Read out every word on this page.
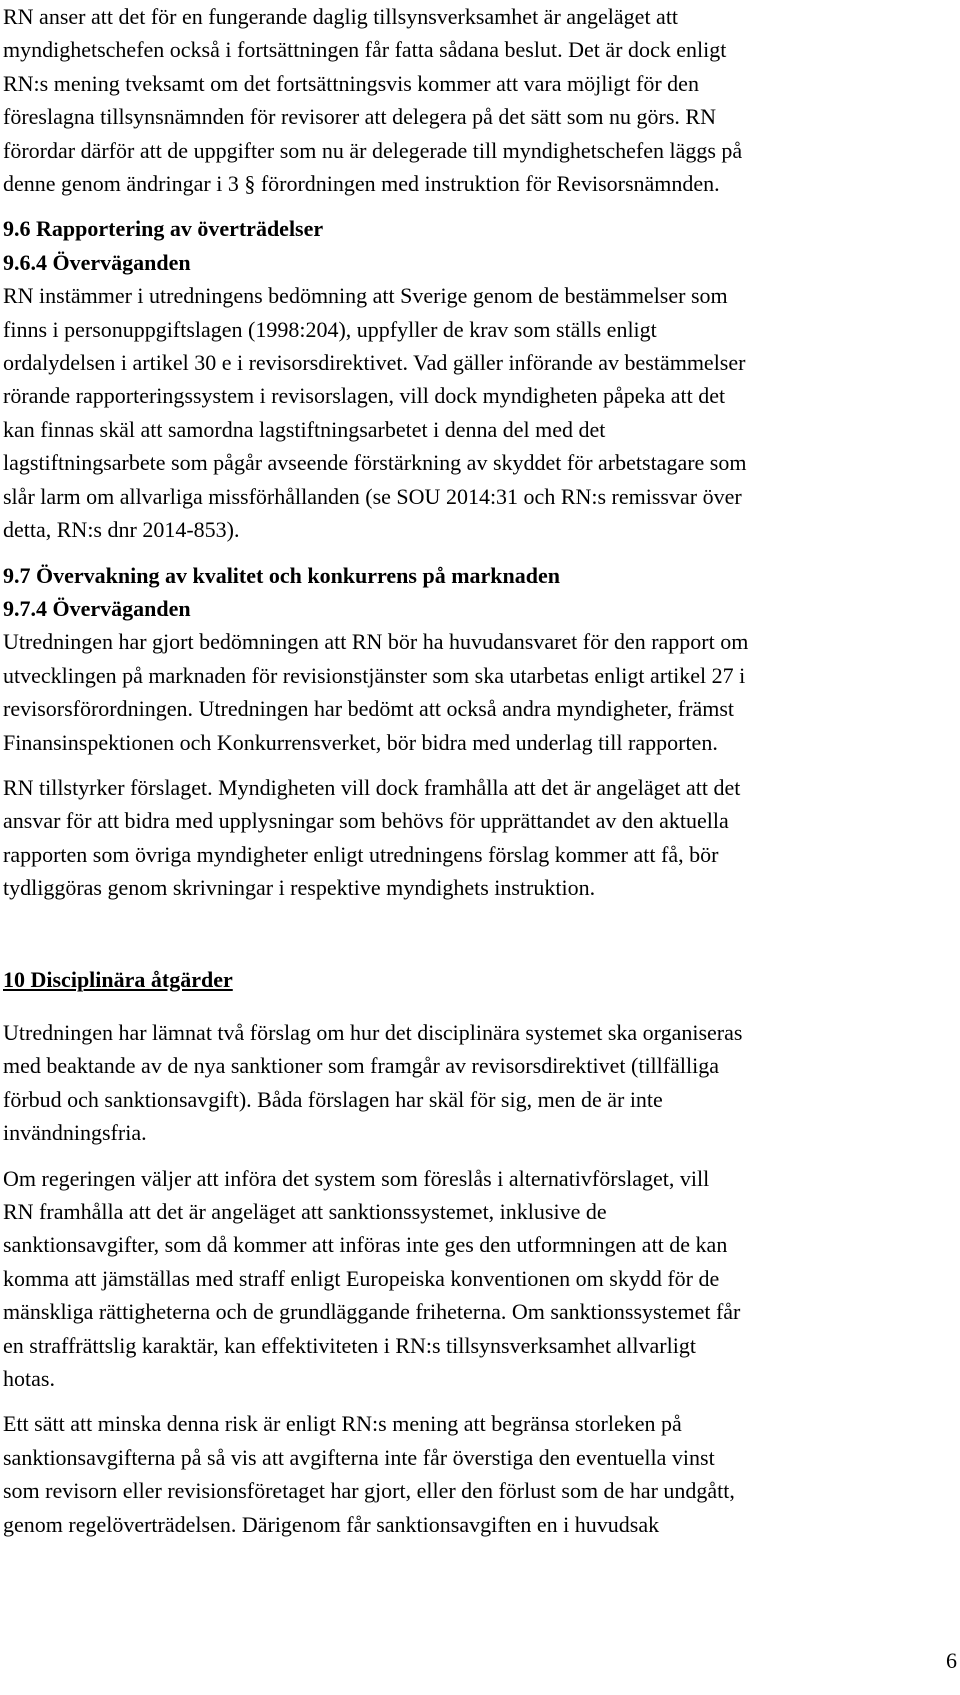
RN anser att det för en fungerande daglig tillsynsverksamhet är angeläget att
myndighetschefen också i fortsättningen får fatta sådana beslut. Det är dock enligt
RN:s mening tveksamt om det fortsättningsvis kommer att vara möjligt för den
föreslagna tillsynsnämnden för revisorer att delegera på det sätt som nu görs. RN
förordar därför att de uppgifter som nu är delegerade till myndighetschefen läggs på
denne genom ändringar i 3 § förordningen med instruktion för Revisorsnämnden.

9.6 Rapportering av överträdelser
9.6.4 Överväganden

RN instämmer i utredningens bedömning att Sverige genom de bestämmelser som
finns i personuppgiftslagen (1998:204), uppfyller de krav som ställs enligt
ordalydelsen i artikel 30 e i revisorsdirektivet. Vad gäller införande av bestämmelser
rörande rapporteringssystem i revisorslagen, vill dock myndigheten påpeka att det
kan finnas skäl att samordna lagstiftningsarbetet i denna del med det
lagstiftningsarbete som pågår avseende förstärkning av skyddet för arbetstagare som
slår larm om allvarliga missförhållanden (se SOU 2014:31 och RN:s remissvar över
detta, RN:s dnr 2014-853).

9.7 Övervakning av kvalitet och konkurrens på marknaden
9.7.4 Överväganden

Utredningen har gjort bedömningen att RN bör ha huvudansvaret för den rapport om
utvecklingen på marknaden för revisionstjänster som ska utarbetas enligt artikel 27 i
revisorsförordningen. Utredningen har bedömt att också andra myndigheter, främst
Finansinspektionen och Konkurrensverket, bör bidra med underlag till rapporten.

RN tillstyrker förslaget. Myndigheten vill dock framhålla att det är angeläget att det
ansvar för att bidra med upplysningar som behövs för upprättandet av den aktuella
rapporten som övriga myndigheter enligt utredningens förslag kommer att få, bör
tydliggöras genom skrivningar i respektive myndighets instruktion.

10 Disciplinära åtgärder

Utredningen har lämnat två förslag om hur det disciplinära systemet ska organiseras
med beaktande av de nya sanktioner som framgår av revisorsdirektivet (tillfälliga
förbud och sanktionsavgift). Båda förslagen har skäl för sig, men de är inte
invändningsfria.

Om regeringen väljer att införa det system som föreslås i alternativförslaget, vill
RN framhålla att det är angeläget att sanktionssystemet, inklusive de
sanktionsavgifter, som då kommer att införas inte ges den utformningen att de kan
komma att jämställas med straff enligt Europeiska konventionen om skydd för de
mänskliga rättigheterna och de grundläggande friheterna. Om sanktionssystemet får
en straffrättslig karaktär, kan effektiviteten i RN:s tillsynsverksamhet allvarligt
hotas.

Ett sätt att minska denna risk är enligt RN:s mening att begränsa storleken på
sanktionsavgifterna på så vis att avgifterna inte får överstiga den eventuella vinst
som revisorn eller revisionsföretaget har gjort, eller den förlust som de har undgått,
genom regelöverträdelsen. Därigenom får sanktionsavgiften en i huvudsak

6
